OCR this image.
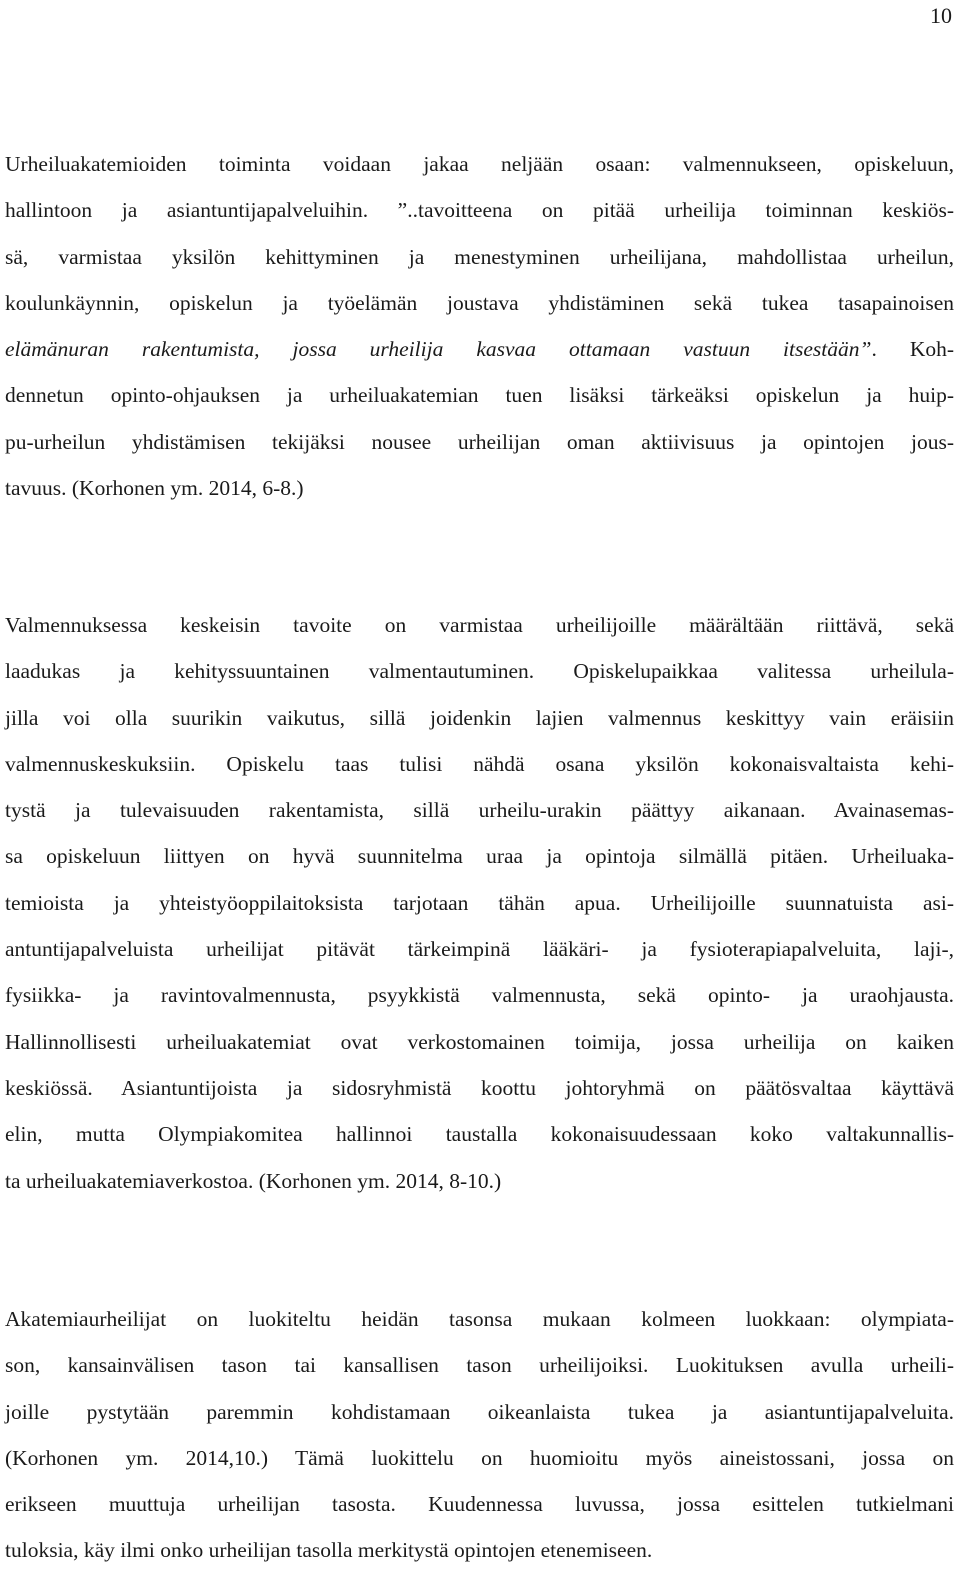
10

Urheiluakatemioiden toiminta voidaan jakaa neljään osaan: valmennukseen, opiskeluun,
hallintoon ja asiantuntijapalveluihin. ”..tavoitteena on pitää urheilija toiminnan keskiös-
sä, varmistaa yksilön kehittyminen ja menestyminen urheilijana, mahdollistaa urheilun,
koulunkäynnin, opiskelun ja työelämän joustava yhdistäminen sekä tukea tasapainoisen
elämänuran rakentumista, jossa urheilija kasvaa ottamaan vastuun itsestään”. Koh-
dennetun opinto-ohjauksen ja urheiluakatemian tuen lisäksi tärkeäksi opiskelun ja huip-
pu-urheilun yhdistämisen tekijäksi nousee urheilijan oman aktiivisuus ja opintojen jous-
tavuus. (Korhonen ym. 2014, 6-8.)

Valmennuksessa keskeisin tavoite on varmistaa urheilijoille määrältään riittävä, sekä
laadukas ja kehityssuuntainen valmentautuminen. Opiskelupaikkaa valitessa urheilula-
jilla voi olla suurikin vaikutus, sillä joidenkin lajien valmennus keskittyy vain eräisiin
valmennuskeskuksiin. Opiskelu taas tulisi nähdä osana yksilön kokonaisvaltaista kehi-
tystä ja tulevaisuuden rakentamista, sillä urheilu-urakin päättyy aikanaan. Avainasemas-
sa opiskeluun liittyen on hyvä suunnitelma uraa ja opintoja silmällä pitäen. Urheiluaka-
temioista ja yhteistyöoppilaitoksista tarjotaan tähän apua. Urheilijoille suunnatuista asi-
antuntijapalveluista urheilijat pitävät tärkeimpinä lääkäri- ja fysioterapiapalveluita, laji-,
fysiikka- ja ravintovalmennusta, psyykkistä valmennusta, sekä opinto- ja uraohjausta.
Hallinnollisesti urheiluakatemiat ovat verkostomainen toimija, jossa urheilija on kaiken
keskiössä. Asiantuntijoista ja sidosryhmistä koottu johtoryhmä on päätösvaltaa käyttävä
elin, mutta Olympiakomitea hallinnoi taustalla kokonaisuudessaan koko valtakunnallis-
ta urheiluakatemiaverkostoa. (Korhonen ym. 2014, 8-10.)

Akatemiaurheilijat on luokiteltu heidän tasonsa mukaan kolmeen luokkaan: olympiata-
son, kansainvälisen tason tai kansallisen tason urheilijoiksi. Luokituksen avulla urheili-
joille pystytään paremmin kohdistamaan oikeanlaista tukea ja asiantuntijapalveluita.
(Korhonen ym. 2014,10.) Tämä luokittelu on huomioitu myös aineistossani, jossa on
erikseen muuttuja urheilijan tasosta. Kuudennessa luvussa, jossa esittelen tutkielmani
tuloksia, käy ilmi onko urheilijan tasolla merkitystä opintojen etenemiseen.
